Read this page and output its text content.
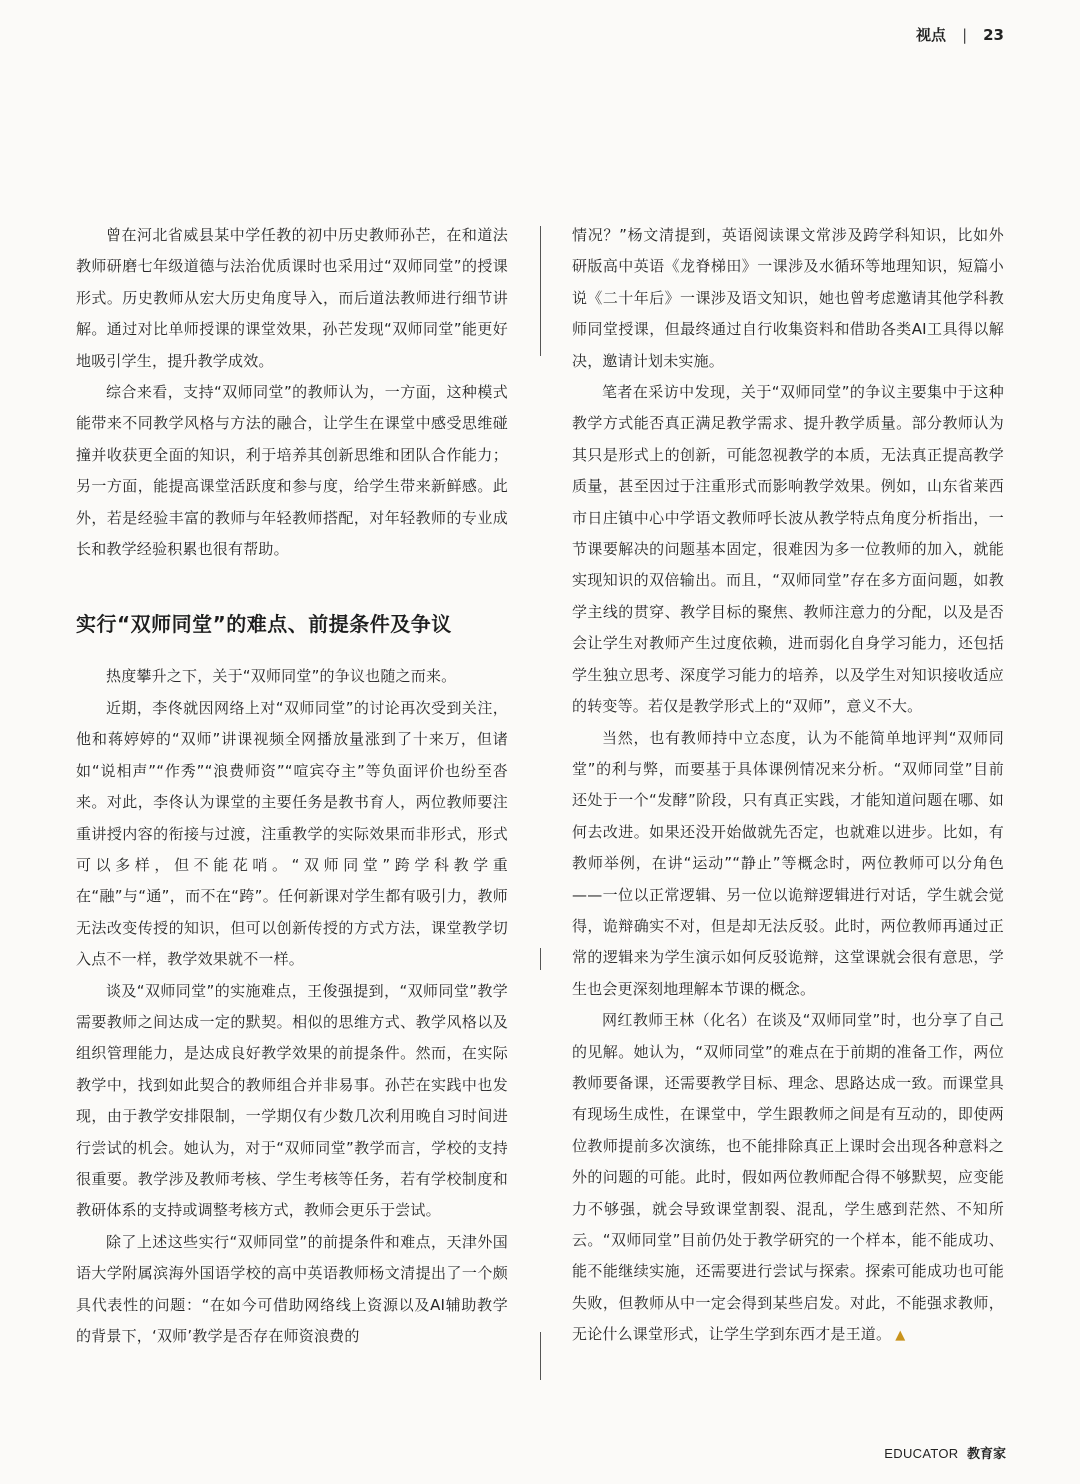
视点 | 23

曾在河北省威县某中学任教的初中历史教师孙芒，在和道法教师研磨七年级道德与法治优质课时也采用过“双师同堂”的授课形式。历史教师从宏大历史角度导入，而后道法教师进行细节讲解。通过对比单师授课的课堂效果，孙芒发现“双师同堂”能更好地吸引学生，提升教学成效。

综合来看，支持“双师同堂”的教师认为，一方面，这种模式能带来不同教学风格与方法的融合，让学生在课堂中感受思维碰撞并收获更全面的知识，利于培养其创新思维和团队合作能力；另一方面，能提高课堂活跃度和参与度，给学生带来新鲜感。此外，若是经验丰富的教师与年轻教师搭配，对年轻教师的专业成长和教学经验积累也很有帮助。

实行“双师同堂”的难点、前提条件及争议

热度攀升之下，关于“双师同堂”的争议也随之而来。

近期，李佟就因网络上对“双师同堂”的讨论再次受到关注，他和蒋婷婷的“双师”讲课视频全网播放量涨到了十来万，但诸如“说相声”“作秀”“浪费师资”“喧宾夺主”等负面评价也纷至沓来。对此，李佟认为课堂的主要任务是教书育人，两位教师要注重讲授内容的衔接与过渡，注重教学的实际效果而非形式，形式可以多样，但不能花哨。“双师同堂”跨学科教学重在“融”与“通”，而不在“跨”。任何新课对学生都有吸引力，教师无法改变传授的知识，但可以创新传授的方式方法，课堂教学切入点不一样，教学效果就不一样。

谈及“双师同堂”的实施难点，王俊强提到，“双师同堂”教学需要教师之间达成一定的默契。相似的思维方式、教学风格以及组织管理能力，是达成良好教学效果的前提条件。然而，在实际教学中，找到如此契合的教师组合并非易事。孙芒在实践中也发现，由于教学安排限制，一学期仅有少数几次利用晚自习时间进行尝试的机会。她认为，对于“双师同堂”教学而言，学校的支持很重要。教学涉及教师考核、学生考核等任务，若有学校制度和教研体系的支持或调整考核方式，教师会更乐于尝试。

除了上述这些实行“双师同堂”的前提条件和难点，天津外国语大学附属滨海外国语学校的高中英语教师杨文清提出了一个颇具代表性的问题：“在如今可借助网络线上资源以及AI辅助教学的背景下，‘双师’教学是否存在师资浪费的

情况？”杨文清提到，英语阅读课文常涉及跨学科知识，比如外研版高中英语《龙脊梯田》一课涉及水循环等地理知识，短篇小说《二十年后》一课涉及语文知识，她也曾考虑邀请其他学科教师同堂授课，但最终通过自行收集资料和借助各类AI工具得以解决，邀请计划未实施。

笔者在采访中发现，关于“双师同堂”的争议主要集中于这种教学方式能否真正满足教学需求、提升教学质量。部分教师认为其只是形式上的创新，可能忽视教学的本质，无法真正提高教学质量，甚至因过于注重形式而影响教学效果。例如，山东省莱西市日庄镇中心中学语文教师呼长波从教学特点角度分析指出，一节课要解决的问题基本固定，很难因为多一位教师的加入，就能实现知识的双倍输出。而且，“双师同堂”存在多方面问题，如教学主线的贯穿、教学目标的聚焦、教师注意力的分配，以及是否会让学生对教师产生过度依赖，进而弱化自身学习能力，还包括学生独立思考、深度学习能力的培养，以及学生对知识接收适应的转变等。若仅是教学形式上的“双师”，意义不大。

当然，也有教师持中立态度，认为不能简单地评判“双师同堂”的利与弊，而要基于具体课例情况来分析。“双师同堂”目前还处于一个“发酵”阶段，只有真正实践，才能知道问题在哪、如何去改进。如果还没开始做就先否定，也就难以进步。比如，有教师举例，在讲“运动”“静止”等概念时，两位教师可以分角色——一位以正常逻辑、另一位以诡辩逻辑进行对话，学生就会觉得，诡辩确实不对，但是却无法反驳。此时，两位教师再通过正常的逻辑来为学生演示如何反驳诡辩，这堂课就会很有意思，学生也会更深刻地理解本节课的概念。

网红教师王林（化名）在谈及“双师同堂”时，也分享了自己的见解。她认为，“双师同堂”的难点在于前期的准备工作，两位教师要备课，还需要教学目标、理念、思路达成一致。而课堂具有现场生成性，在课堂中，学生跟教师之间是有互动的，即使两位教师提前多次演练，也不能排除真正上课时会出现各种意料之外的问题的可能。此时，假如两位教师配合得不够默契，应变能力不够强，就会导致课堂割裂、混乱，学生感到茫然、不知所云。“双师同堂”目前仍处于教学研究的一个样本，能不能成功、能不能继续实施，还需要进行尝试与探索。探索可能成功也可能失败，但教师从中一定会得到某些启发。对此，不能强求教师，无论什么课堂形式，让学生学到东西才是王道。 ▲

EDUCATOR 教育家
